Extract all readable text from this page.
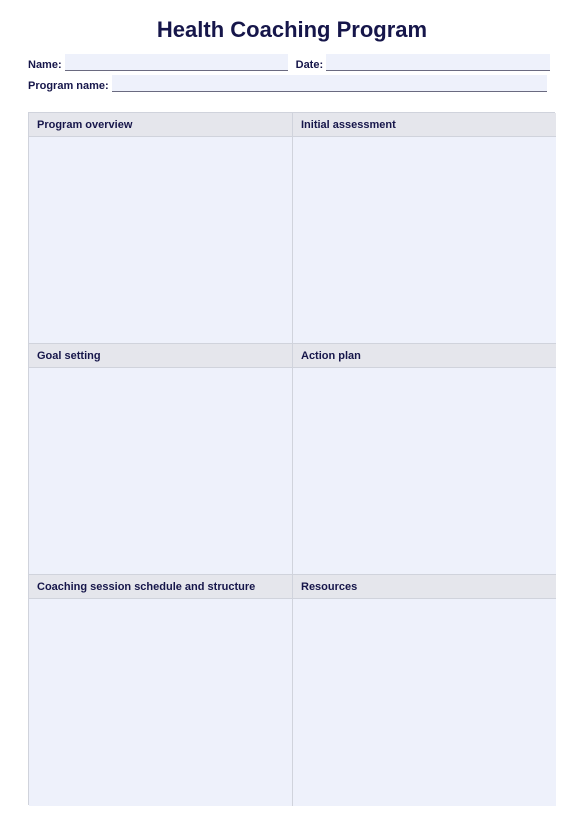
Health Coaching Program
Name:	Date:
Program name:
Program overview	Initial assessment
Goal setting	Action plan
Coaching session schedule and structure	Resources
